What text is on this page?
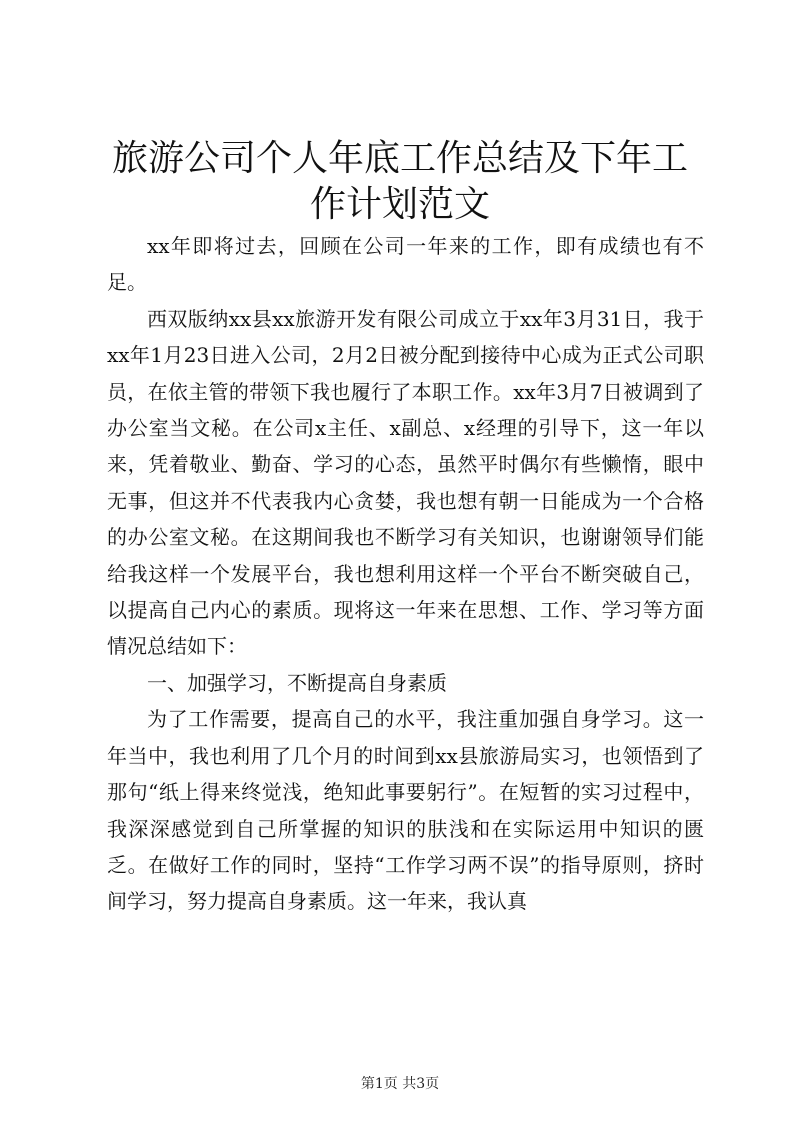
旅游公司个人年底工作总结及下年工作计划范文

xx年即将过去，回顾在公司一年来的工作，即有成绩也有不足。

西双版纳xx县xx旅游开发有限公司成立于xx年3月31日，我于xx年1月23日进入公司，2月2日被分配到接待中心成为正式公司职员，在依主管的带领下我也履行了本职工作。xx年3月7日被调到了办公室当文秘。在公司x主任、x副总、x经理的引导下，这一年以来，凭着敬业、勤奋、学习的心态，虽然平时偶尔有些懒惰，眼中无事，但这并不代表我内心贪婪，我也想有朝一日能成为一个合格的办公室文秘。在这期间我也不断学习有关知识，也谢谢领导们能给我这样一个发展平台，我也想利用这样一个平台不断突破自己，以提高自己内心的素质。现将这一年来在思想、工作、学习等方面情况总结如下：

一、加强学习，不断提高自身素质

为了工作需要，提高自己的水平，我注重加强自身学习。这一年当中，我也利用了几个月的时间到xx县旅游局实习，也领悟到了那句“纸上得来终觉浅，绝知此事要躬行”。在短暂的实习过程中，我深深感觉到自己所掌握的知识的肤浅和在实际运用中知识的匮乏。在做好工作的同时，坚持“工作学习两不误”的指导原则，挤时间学习，努力提高自身素质。这一年来，我认真

第1页 共3页
